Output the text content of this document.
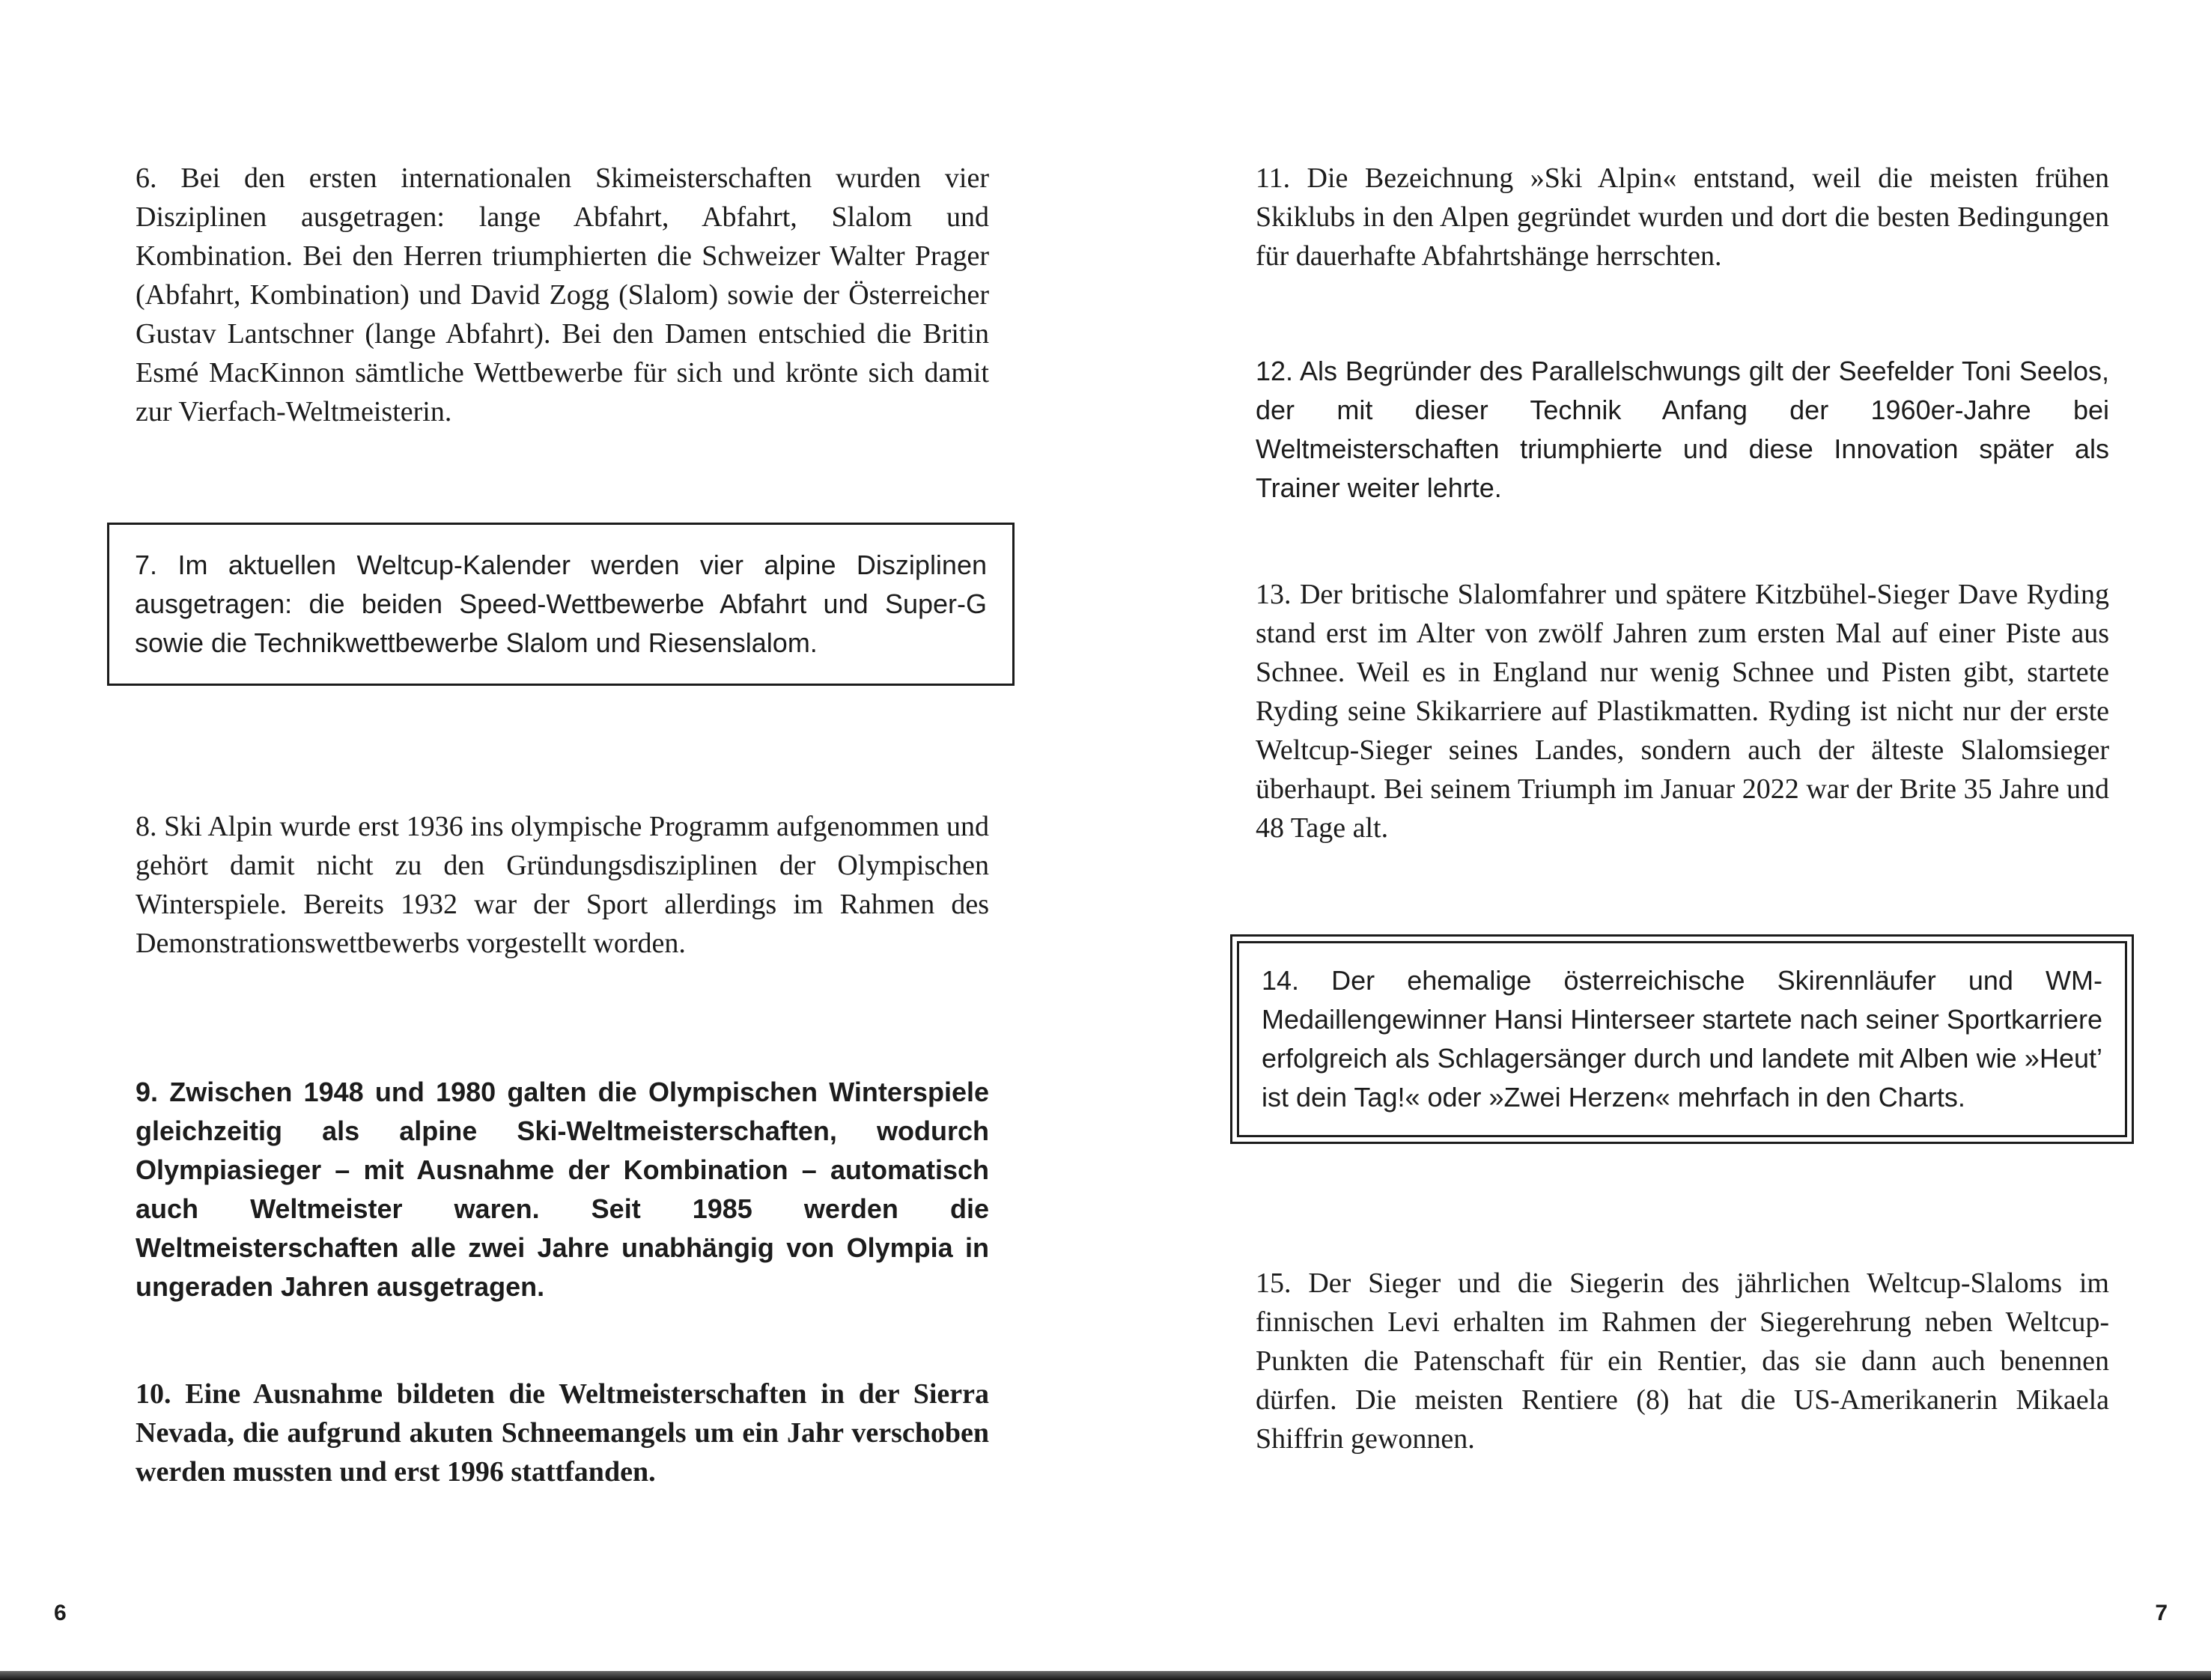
6. Bei den ersten internationalen Skimeisterschaften wurden vier Disziplinen ausgetragen: lange Abfahrt, Abfahrt, Slalom und Kombination. Bei den Herren triumphierten die Schweizer Walter Prager (Abfahrt, Kombination) und David Zogg (Slalom) sowie der Österreicher Gustav Lantschner (lange Abfahrt). Bei den Damen entschied die Britin Esmé MacKinnon sämtliche Wettbewerbe für sich und krönte sich damit zur Vierfach-Weltmeisterin.

7. Im aktuellen Weltcup-Kalender werden vier alpine Disziplinen ausgetragen: die beiden Speed-Wettbewerbe Abfahrt und Super-G sowie die Technikwettbewerbe Slalom und Riesenslalom.

8. Ski Alpin wurde erst 1936 ins olympische Programm aufgenommen und gehört damit nicht zu den Gründungsdisziplinen der Olympischen Winterspiele. Bereits 1932 war der Sport allerdings im Rahmen des Demonstrationswettbewerbs vorgestellt worden.

9. Zwischen 1948 und 1980 galten die Olympischen Winterspiele gleichzeitig als alpine Ski-Weltmeisterschaften, wodurch Olympiasieger – mit Ausnahme der Kombination – automatisch auch Weltmeister waren. Seit 1985 werden die Weltmeisterschaften alle zwei Jahre unabhängig von Olympia in ungeraden Jahren ausgetragen.

10. Eine Ausnahme bildeten die Weltmeisterschaften in der Sierra Nevada, die aufgrund akuten Schneemangels um ein Jahr verschoben werden mussten und erst 1996 stattfanden.

6

11. Die Bezeichnung »Ski Alpin« entstand, weil die meisten frühen Skiklubs in den Alpen gegründet wurden und dort die besten Bedingungen für dauerhafte Abfahrtshänge herrschten.

12. Als Begründer des Parallelschwungs gilt der Seefelder Toni Seelos, der mit dieser Technik Anfang der 1960er-Jahre bei Weltmeisterschaften triumphierte und diese Innovation später als Trainer weiter lehrte.

13. Der britische Slalomfahrer und spätere Kitzbühel-Sieger Dave Ryding stand erst im Alter von zwölf Jahren zum ersten Mal auf einer Piste aus Schnee. Weil es in England nur wenig Schnee und Pisten gibt, startete Ryding seine Skikarriere auf Plastikmatten. Ryding ist nicht nur der erste Weltcup-Sieger seines Landes, sondern auch der älteste Slalomsieger überhaupt. Bei seinem Triumph im Januar 2022 war der Brite 35 Jahre und 48 Tage alt.

14. Der ehemalige österreichische Skirennläufer und WM-Medaillengewinner Hansi Hinterseer startete nach seiner Sportkarriere erfolgreich als Schlagersänger durch und landete mit Alben wie »Heut’ ist dein Tag!« oder »Zwei Herzen« mehrfach in den Charts.

15. Der Sieger und die Siegerin des jährlichen Weltcup-Slaloms im finnischen Levi erhalten im Rahmen der Siegerehrung neben Weltcup-Punkten die Patenschaft für ein Rentier, das sie dann auch benennen dürfen. Die meisten Rentiere (8) hat die US-Amerikanerin Mikaela Shiffrin gewonnen.

7
